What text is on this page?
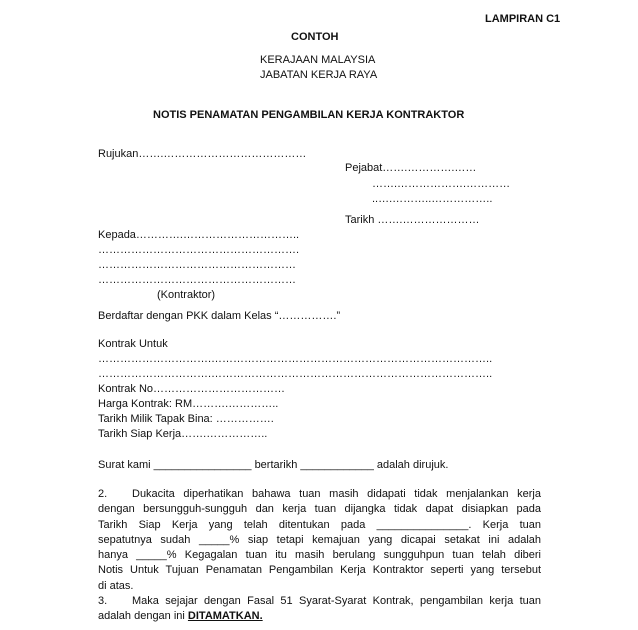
LAMPIRAN C1
CONTOH
KERAJAAN MALAYSIA
JABATAN KERJA RAYA
NOTIS PENAMATAN PENGAMBILAN KERJA KONTRAKTOR
Rujukan…….…………………………………
Pejabat…….………….……
…….……………….…………
..….………..……………..
Tarikh …….…………………
Kepada………….…………………………..
……………………………………………….
………………………………………………
………………………………………………
(Kontraktor)
Berdaftar dengan PKK dalam Kelas “…………….”
Kontrak Untuk
………………………….…………………………………………………………………..
………………………….…………………………………………………………………..
Kontrak No………………………………
Harga Kontrak: RM……….…………..
Tarikh Milik Tapak Bina: …………….
Tarikh Siap Kerja…….……………..
Surat kami ________________ bertarikh ____________ adalah dirujuk.
2. Dukacita diperhatikan bahawa tuan masih didapati tidak menjalankan kerja
dengan bersungguh-sungguh dan kerja tuan dijangka tidak dapat disiapkan pada
Tarikh Siap Kerja yang telah ditentukan pada _______________. Kerja tuan
sepatutnya sudah _____% siap tetapi kemajuan yang dicapai setakat ini adalah
hanya _____% Kegagalan tuan itu masih berulang sungguhpun tuan telah diberi
Notis Untuk Tujuan Penamatan Pengambilan Kerja Kontraktor seperti yang tersebut
di atas.
3. Maka sejajar dengan Fasal 51 Syarat-Syarat Kontrak, pengambilan kerja tuan
adalah dengan ini DITAMATKAN.
